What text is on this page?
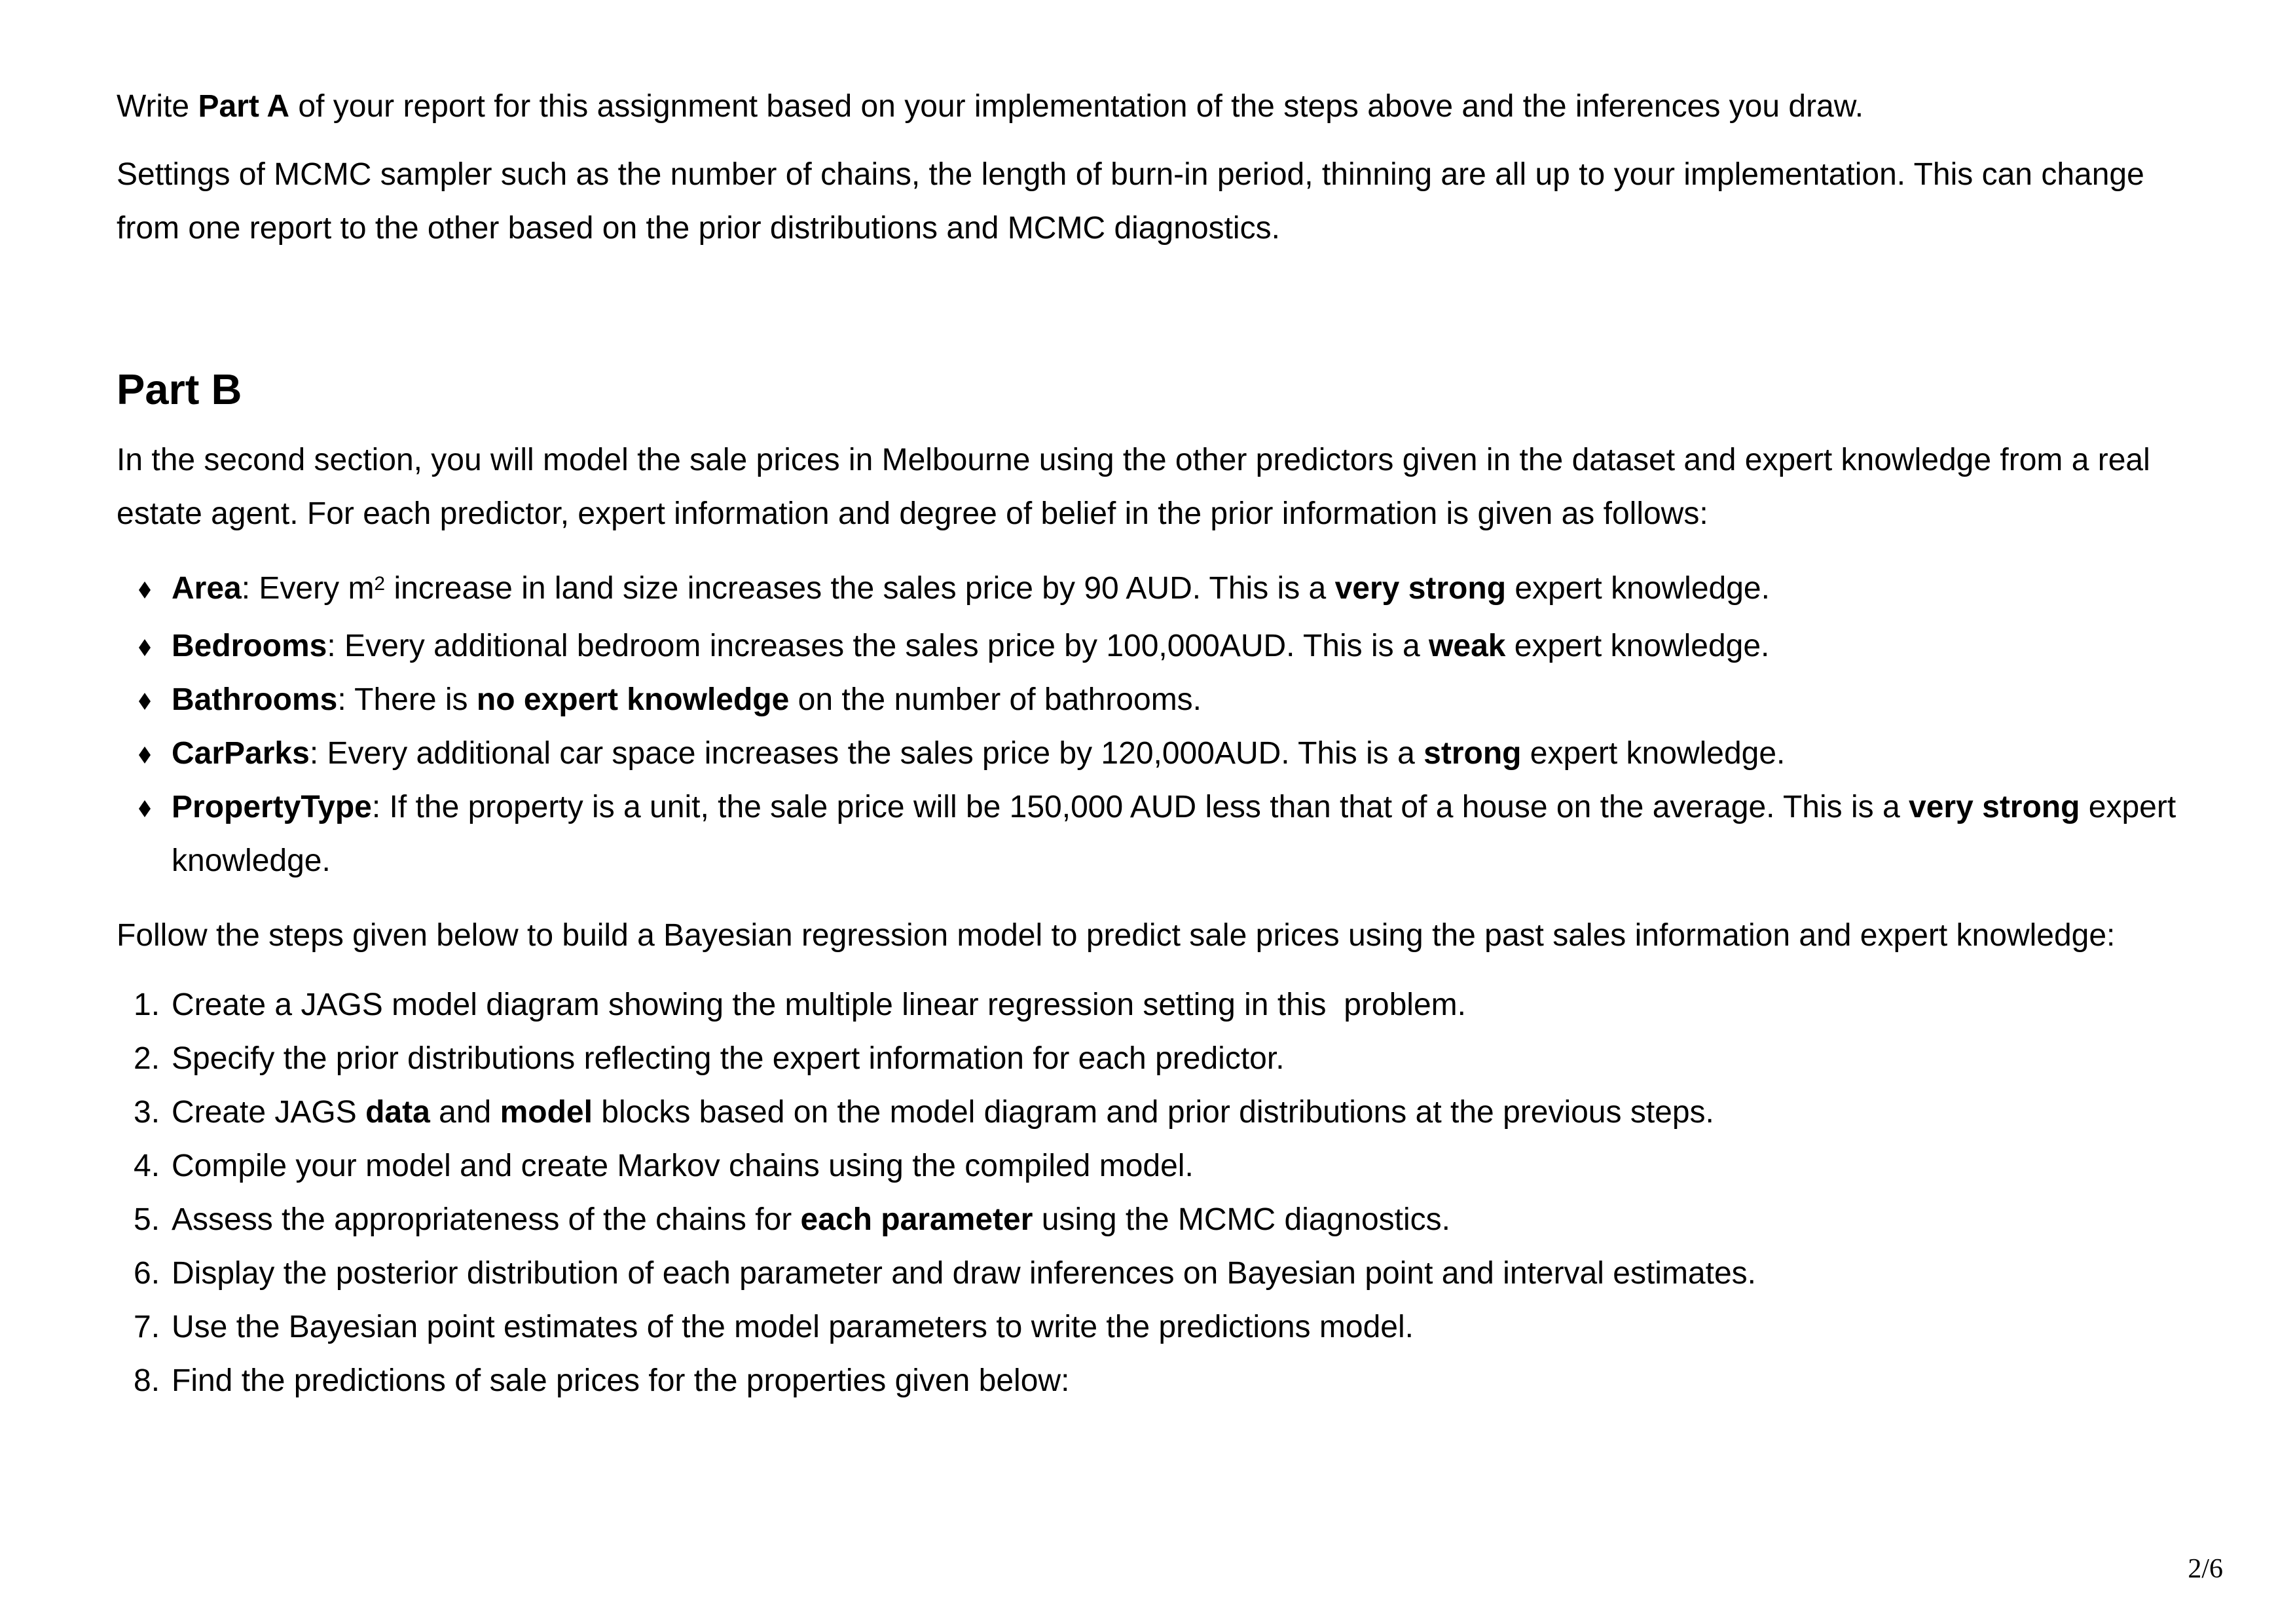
Write Part A of your report for this assignment based on your implementation of the steps above and the inferences you draw.

Settings of MCMC sampler such as the number of chains, the length of burn-in period, thinning are all up to your implementation. This can change from one report to the other based on the prior distributions and MCMC diagnostics.

Part B

In the second section, you will model the sale prices in Melbourne using the other predictors given in the dataset and expert knowledge from a real estate agent. For each predictor, expert information and degree of belief in the prior information is given as follows:

Area: Every $m^2$ increase in land size increases the sales price by 90 AUD. This is a very strong expert knowledge.
Bedrooms: Every additional bedroom increases the sales price by 100,000AUD. This is a weak expert knowledge.
Bathrooms: There is no expert knowledge on the number of bathrooms.
CarParks: Every additional car space increases the sales price by 120,000AUD. This is a strong expert knowledge.
PropertyType: If the property is a unit, the sale price will be 150,000 AUD less than that of a house on the average. This is a very strong expert knowledge.

Follow the steps given below to build a Bayesian regression model to predict sale prices using the past sales information and expert knowledge:

1. Create a JAGS model diagram showing the multiple linear regression setting in this  problem.
2. Specify the prior distributions reflecting the expert information for each predictor.
3. Create JAGS data and model blocks based on the model diagram and prior distributions at the previous steps.
4. Compile your model and create Markov chains using the compiled model.
5. Assess the appropriateness of the chains for each parameter using the MCMC diagnostics.
6. Display the posterior distribution of each parameter and draw inferences on Bayesian point and interval estimates.
7. Use the Bayesian point estimates of the model parameters to write the predictions model.
8. Find the predictions of sale prices for the properties given below:
2/6
